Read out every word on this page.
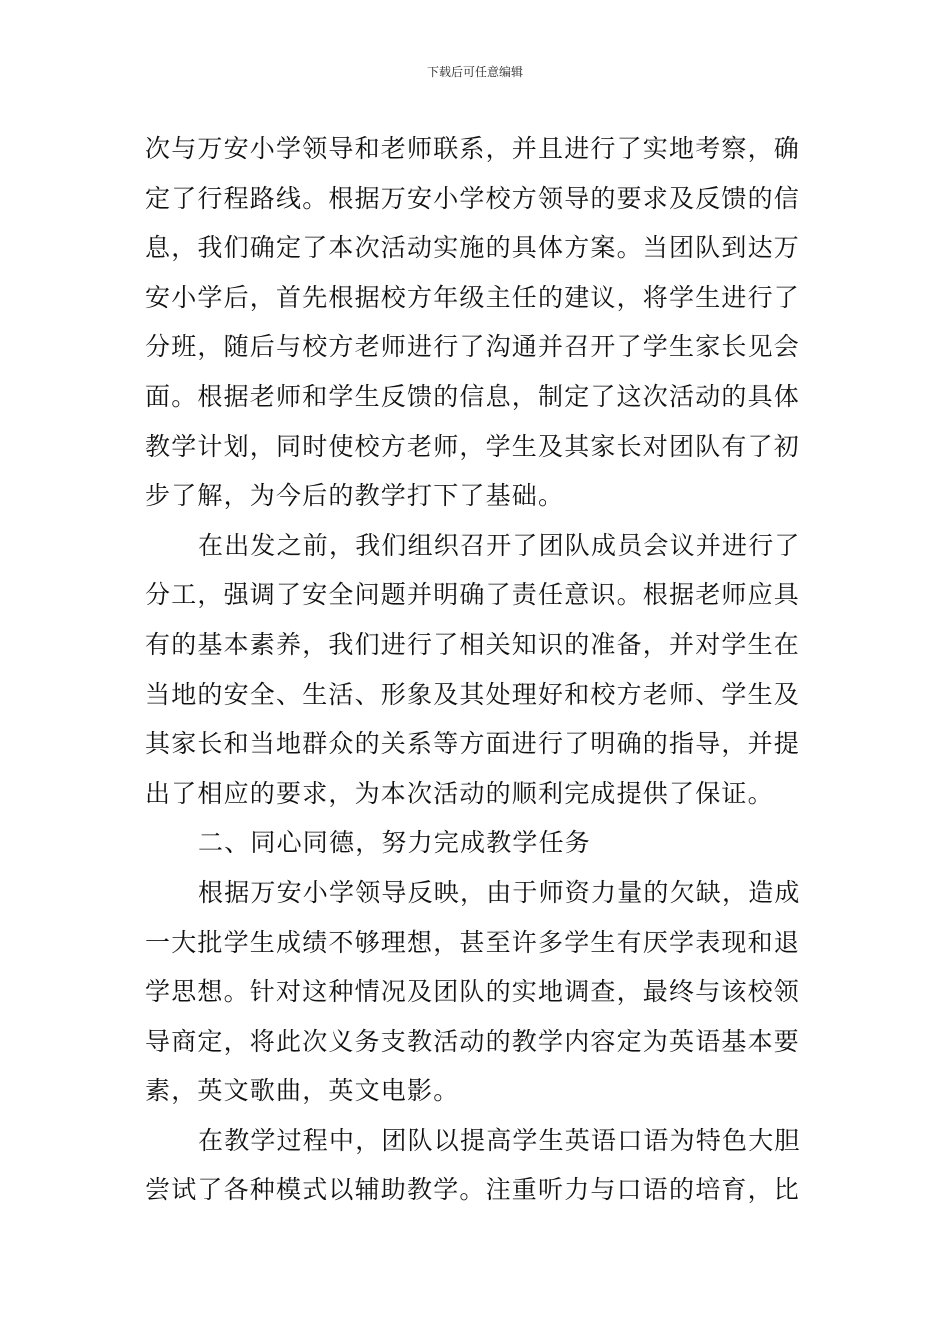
下载后可任意编辑
次与万安小学领导和老师联系，并且进行了实地考察，确
定了行程路线。根据万安小学校方领导的要求及反馈的信
息，我们确定了本次活动实施的具体方案。当团队到达万
安小学后，首先根据校方年级主任的建议，将学生进行了
分班，随后与校方老师进行了沟通并召开了学生家长见会
面。根据老师和学生反馈的信息，制定了这次活动的具体
教学计划，同时使校方老师，学生及其家长对团队有了初
步了解，为今后的教学打下了基础。
在出发之前，我们组织召开了团队成员会议并进行了
分工，强调了安全问题并明确了责任意识。根据老师应具
有的基本素养，我们进行了相关知识的准备，并对学生在
当地的安全、生活、形象及其处理好和校方老师、学生及
其家长和当地群众的关系等方面进行了明确的指导，并提
出了相应的要求，为本次活动的顺利完成提供了保证。
二、同心同德，努力完成教学任务
根据万安小学领导反映，由于师资力量的欠缺，造成
一大批学生成绩不够理想，甚至许多学生有厌学表现和退
学思想。针对这种情况及团队的实地调查，最终与该校领
导商定，将此次义务支教活动的教学内容定为英语基本要
素，英文歌曲，英文电影。
在教学过程中，团队以提高学生英语口语为特色大胆
尝试了各种模式以辅助教学。注重听力与口语的培育，比
